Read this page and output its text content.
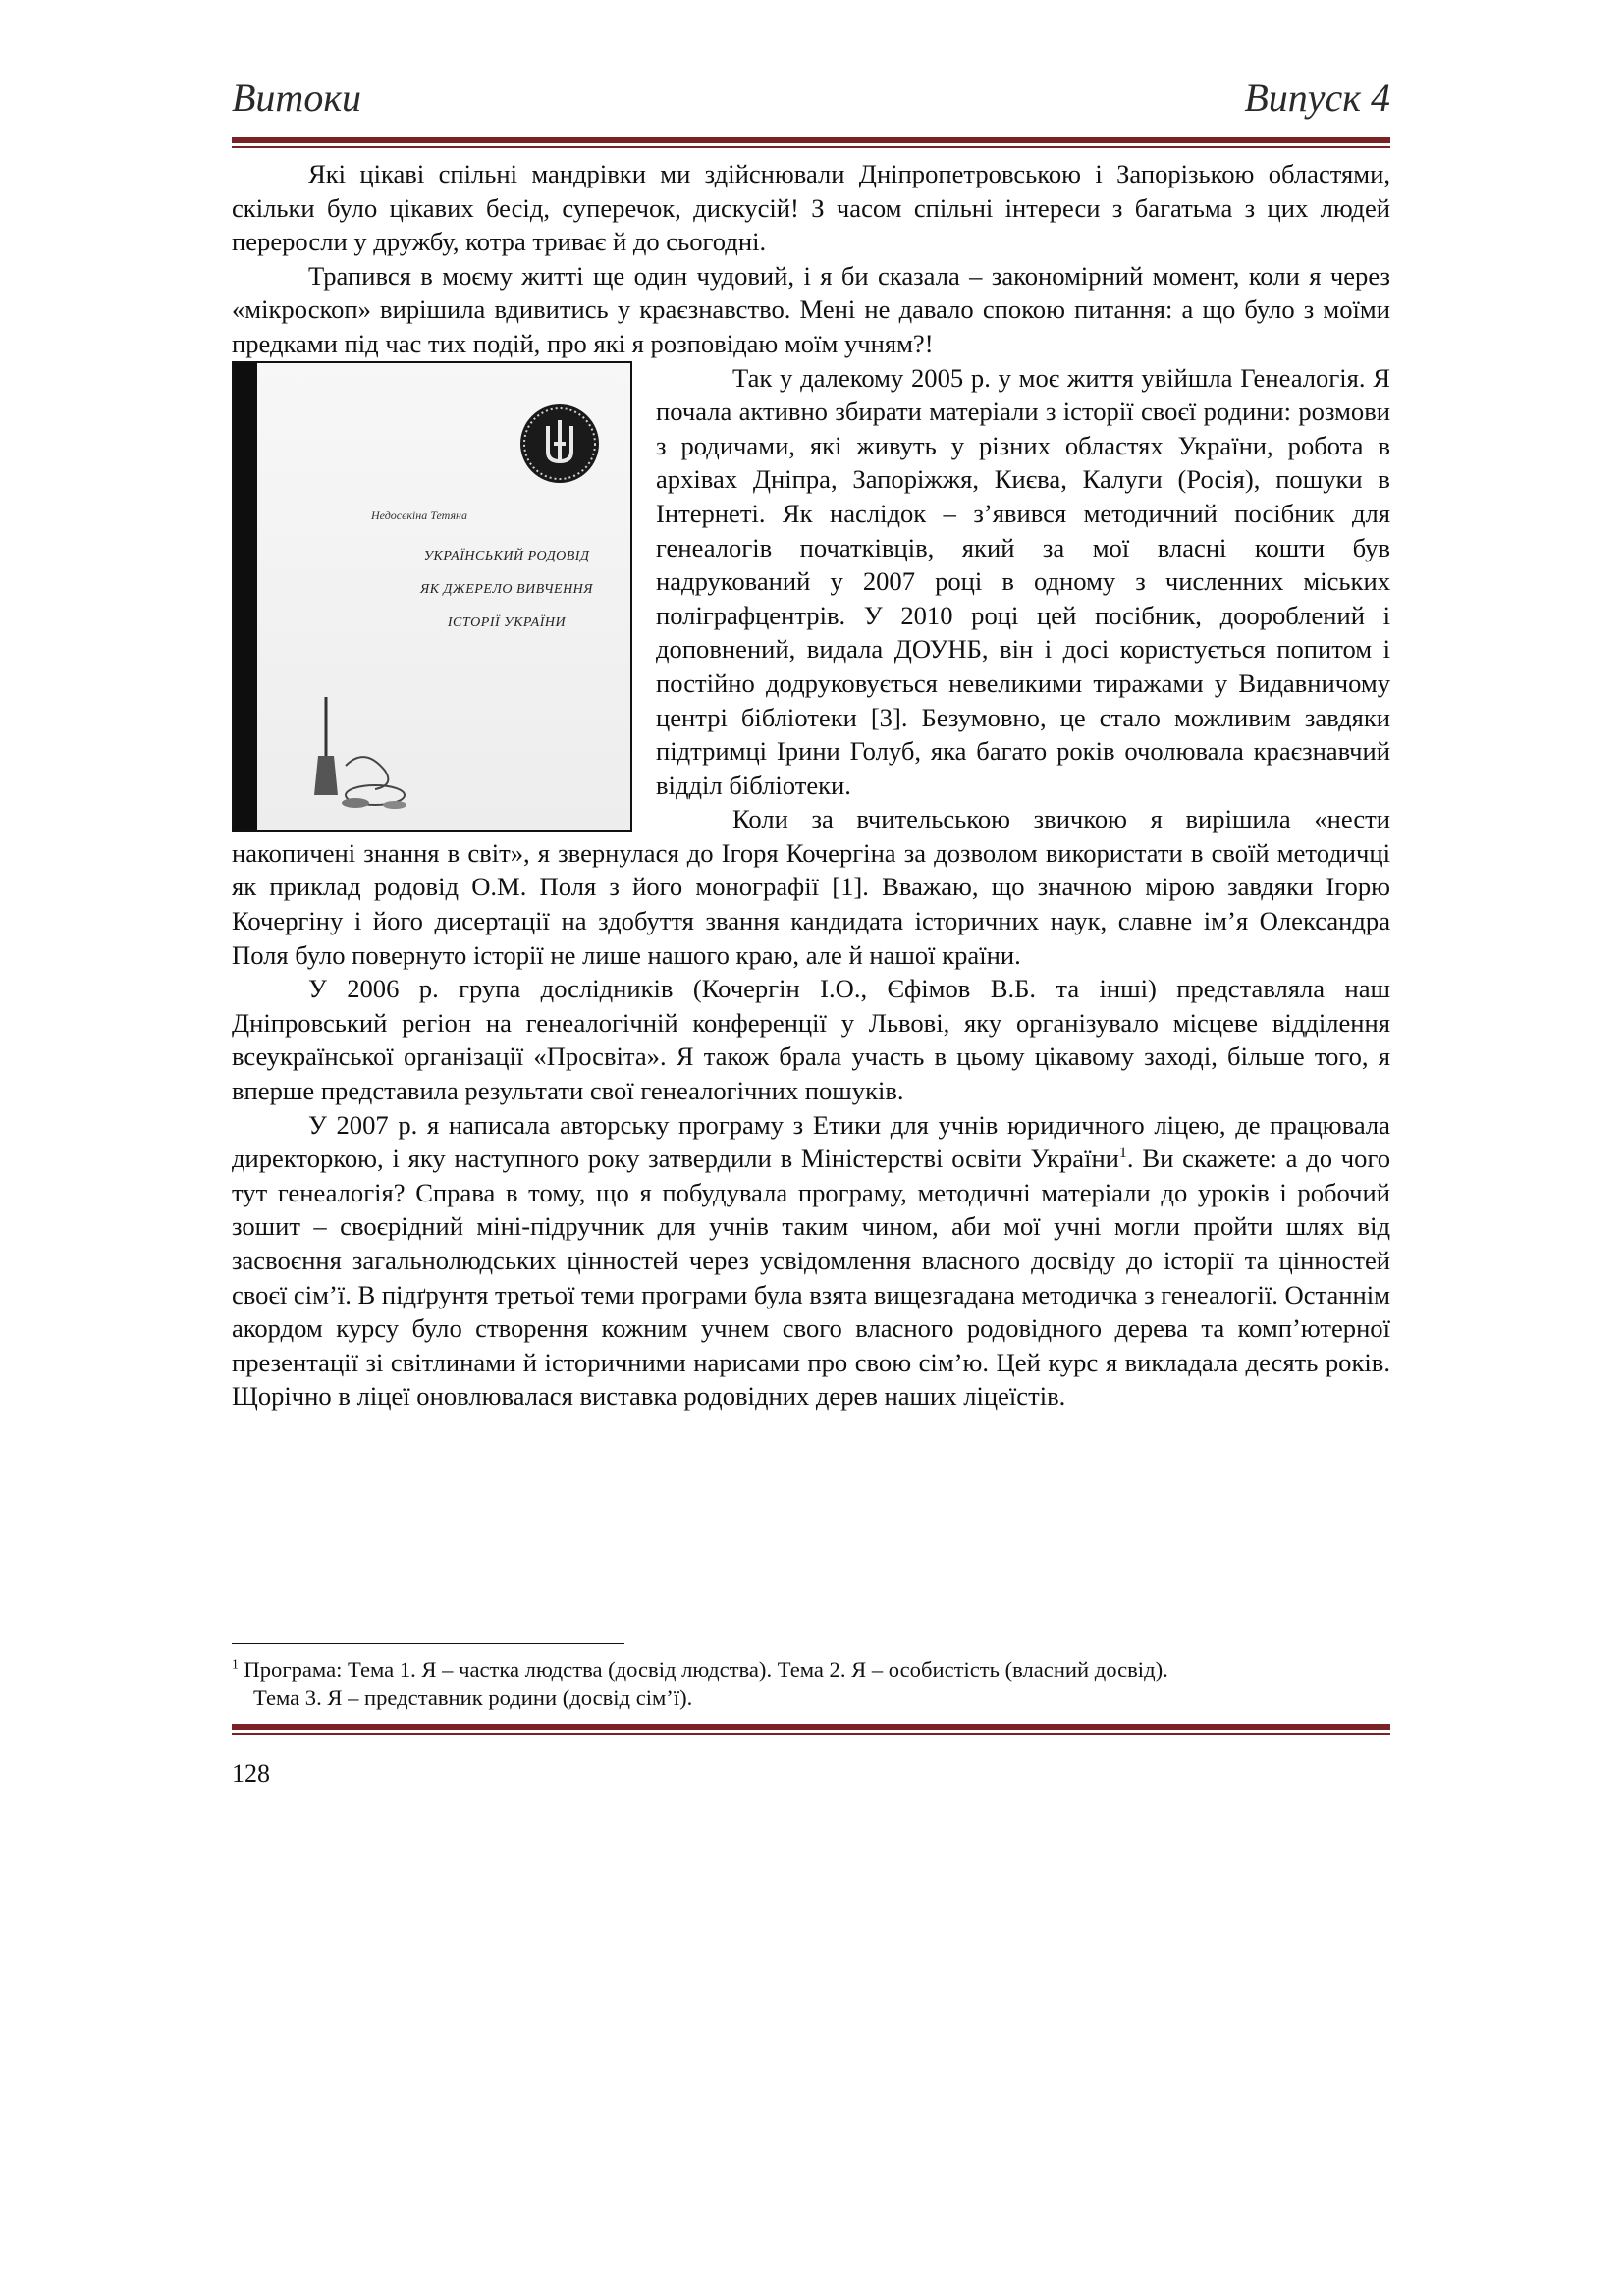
Витоки	Випуск 4

Які цікаві спільні мандрівки ми здійснювали Дніпропетровською і Запорізькою областями, скільки було цікавих бесід, суперечок, дискусій! З часом спільні інтереси з багатьма з цих людей переросли у дружбу, котра триває й до сьогодні.

Трапився в моєму житті ще один чудовий, і я би сказала – закономірний момент, коли я через «мікроскоп» вирішила вдивитись у краєзнавство. Мені не давало спокою питання: а що було з моїми предками під час тих подій, про які я розповідаю моїм учням?!

Недосєкіна Тетяна
УКРАЇНСЬКИЙ РОДОВІД
ЯК ДЖЕРЕЛО ВИВЧЕННЯ
ІСТОРІЇ УКРАЇНИ
Так у далекому 2005 р. у моє життя увійшла Генеалогія. Я почала активно збирати матеріали з історії своєї родини: розмови з родичами, які живуть у різних областях України, робота в архівах Дніпра, Запоріжжя, Києва, Калуги (Росія), пошуки в Інтернеті. Як наслідок – з’явився методичний посібник для генеалогів початківців, який за мої власні кошти був надрукований у 2007 році в одному з численних міських поліграфцентрів. У 2010 році цей посібник, доороблений і доповнений, видала ДОУНБ, він і досі користується попитом і постійно додруковується невеликими тиражами у Видавничому центрі бібліотеки [3]. Безумовно, це стало можливим завдяки підтримці Ірини Голуб, яка багато років очолювала краєзнавчий відділ бібліотеки.

Коли за вчительською звичкою я вирішила «нести накопичені знання в світ», я звернулася до Ігоря Кочергіна за дозволом використати в своїй методичці як приклад родовід О.М. Поля з його монографії [1]. Вважаю, що значною мірою завдяки Ігорю Кочергіну і його дисертації на здобуття звання кандидата історичних наук, славне ім’я Олександра Поля було повернуто історії не лише нашого краю, але й нашої країни.

У 2006 р. група дослідників (Кочергін І.О., Єфімов В.Б. та інші) представляла наш Дніпровський регіон на генеалогічній конференції у Львові, яку організувало місцеве відділення всеукраїнської організації «Просвіта». Я також брала участь в цьому цікавому заході, більше того, я вперше представила результати свої генеалогічних пошуків.

У 2007 р. я написала авторську програму з Етики для учнів юридичного ліцею, де працювала директоркою, і яку наступного року затвердили в Міністерстві освіти України$^1$. Ви скажете: а до чого тут генеалогія? Справа в тому, що я побудувала програму, методичні матеріали до уроків і робочий зошит – своєрідний міні-підручник для учнів таким чином, аби мої учні могли пройти шлях від засвоєння загальнолюдських цінностей через усвідомлення власного досвіду до історії та цінностей своєї сім’ї. В підґрунтя третьої теми програми була взята вищезгадана методичка з генеалогії. Останнім акордом курсу було створення кожним учнем свого власного родовідного дерева та комп’ютерної презентації зі світлинами й історичними нарисами про свою сім’ю. Цей курс я викладала десять років. Щорічно в ліцеї оновлювалася виставка родовідних дерев наших ліцеїстів.

$^1$ Програма: Тема 1. Я – частка людства (досвід людства). Тема 2. Я – особистість (власний досвід).
Тема 3. Я – представник родини (досвід сім’ї).
128
